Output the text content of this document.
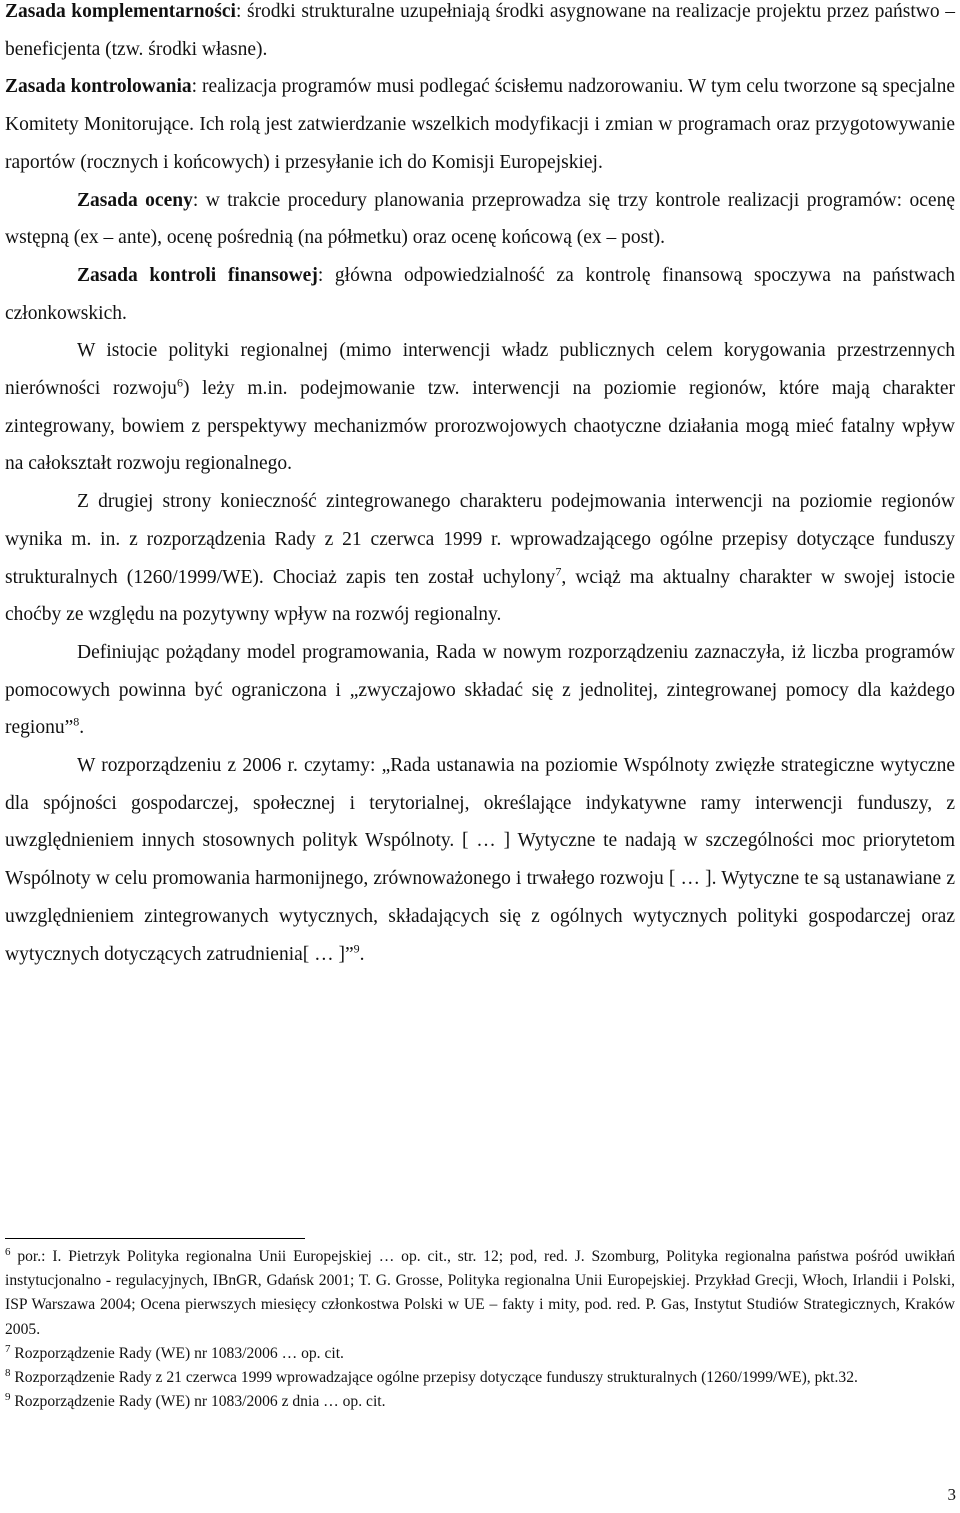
Zasada komplementarności: środki strukturalne uzupełniają środki asygnowane na realizacje projektu przez państwo – beneficjenta (tzw. środki własne).

Zasada kontrolowania: realizacja programów musi podlegać ścisłemu nadzorowaniu. W tym celu tworzone są specjalne Komitety Monitorujące. Ich rolą jest zatwierdzanie wszelkich modyfikacji i zmian w programach oraz przygotowywanie raportów (rocznych i końcowych) i przesyłanie ich do Komisji Europejskiej.

Zasada oceny: w trakcie procedury planowania przeprowadza się trzy kontrole realizacji programów: ocenę wstępną (ex – ante), ocenę pośrednią (na półmetku) oraz ocenę końcową (ex – post).

Zasada kontroli finansowej: główna odpowiedzialność za kontrolę finansową spoczywa na państwach członkowskich.

W istocie polityki regionalnej (mimo interwencji władz publicznych celem korygowania przestrzennych nierówności rozwoju$^6$) leży m.in. podejmowanie tzw. interwencji na poziomie regionów, które mają charakter zintegrowany, bowiem z perspektywy mechanizmów prorozwojowych chaotyczne działania mogą mieć fatalny wpływ na całokształt rozwoju regionalnego.

Z drugiej strony konieczność zintegrowanego charakteru podejmowania interwencji na poziomie regionów wynika m. in. z rozporządzenia Rady z 21 czerwca 1999 r. wprowadzającego ogólne przepisy dotyczące funduszy strukturalnych (1260/1999/WE). Chociaż zapis ten został uchylony$^7$, wciąż ma aktualny charakter w swojej istocie choćby ze względu na pozytywny wpływ na rozwój regionalny.

Definiując pożądany model programowania, Rada w nowym rozporządzeniu zaznaczyła, iż liczba programów pomocowych powinna być ograniczona i „zwyczajowo składać się z jednolitej, zintegrowanej pomocy dla każdego regionu”$^8$.

W rozporządzeniu z 2006 r. czytamy: „Rada ustanawia na poziomie Wspólnoty zwięzłe strategiczne wytyczne dla spójności gospodarczej, społecznej i terytorialnej, określające indykatywne ramy interwencji funduszy, z uwzględnieniem innych stosownych polityk Wspólnoty. [ … ] Wytyczne te nadają w szczególności moc priorytetom Wspólnoty w celu promowania harmonijnego, zrównoważonego i trwałego rozwoju [ … ]. Wytyczne te są ustanawiane z uwzględnieniem zintegrowanych wytycznych, składających się z ogólnych wytycznych polityki gospodarczej oraz wytycznych dotyczących zatrudnienia[ … ]”$^9$.

$^6$ por.: I. Pietrzyk Polityka regionalna Unii Europejskiej … op. cit., str. 12; pod, red. J. Szomburg, Polityka regionalna państwa pośród uwikłań instytucjonalno - regulacyjnych, IBnGR, Gdańsk 2001; T. G. Grosse, Polityka regionalna Unii Europejskiej. Przykład Grecji, Włoch, Irlandii i Polski, ISP Warszawa 2004; Ocena pierwszych miesięcy członkostwa Polski w UE – fakty i mity, pod. red. P. Gas, Instytut Studiów Strategicznych, Kraków 2005.

$^7$ Rozporządzenie Rady (WE) nr 1083/2006 … op. cit.

$^8$ Rozporządzenie Rady z 21 czerwca 1999 wprowadzające ogólne przepisy dotyczące funduszy strukturalnych (1260/1999/WE), pkt.32.

$^9$ Rozporządzenie Rady (WE) nr 1083/2006 z dnia … op. cit.

3
